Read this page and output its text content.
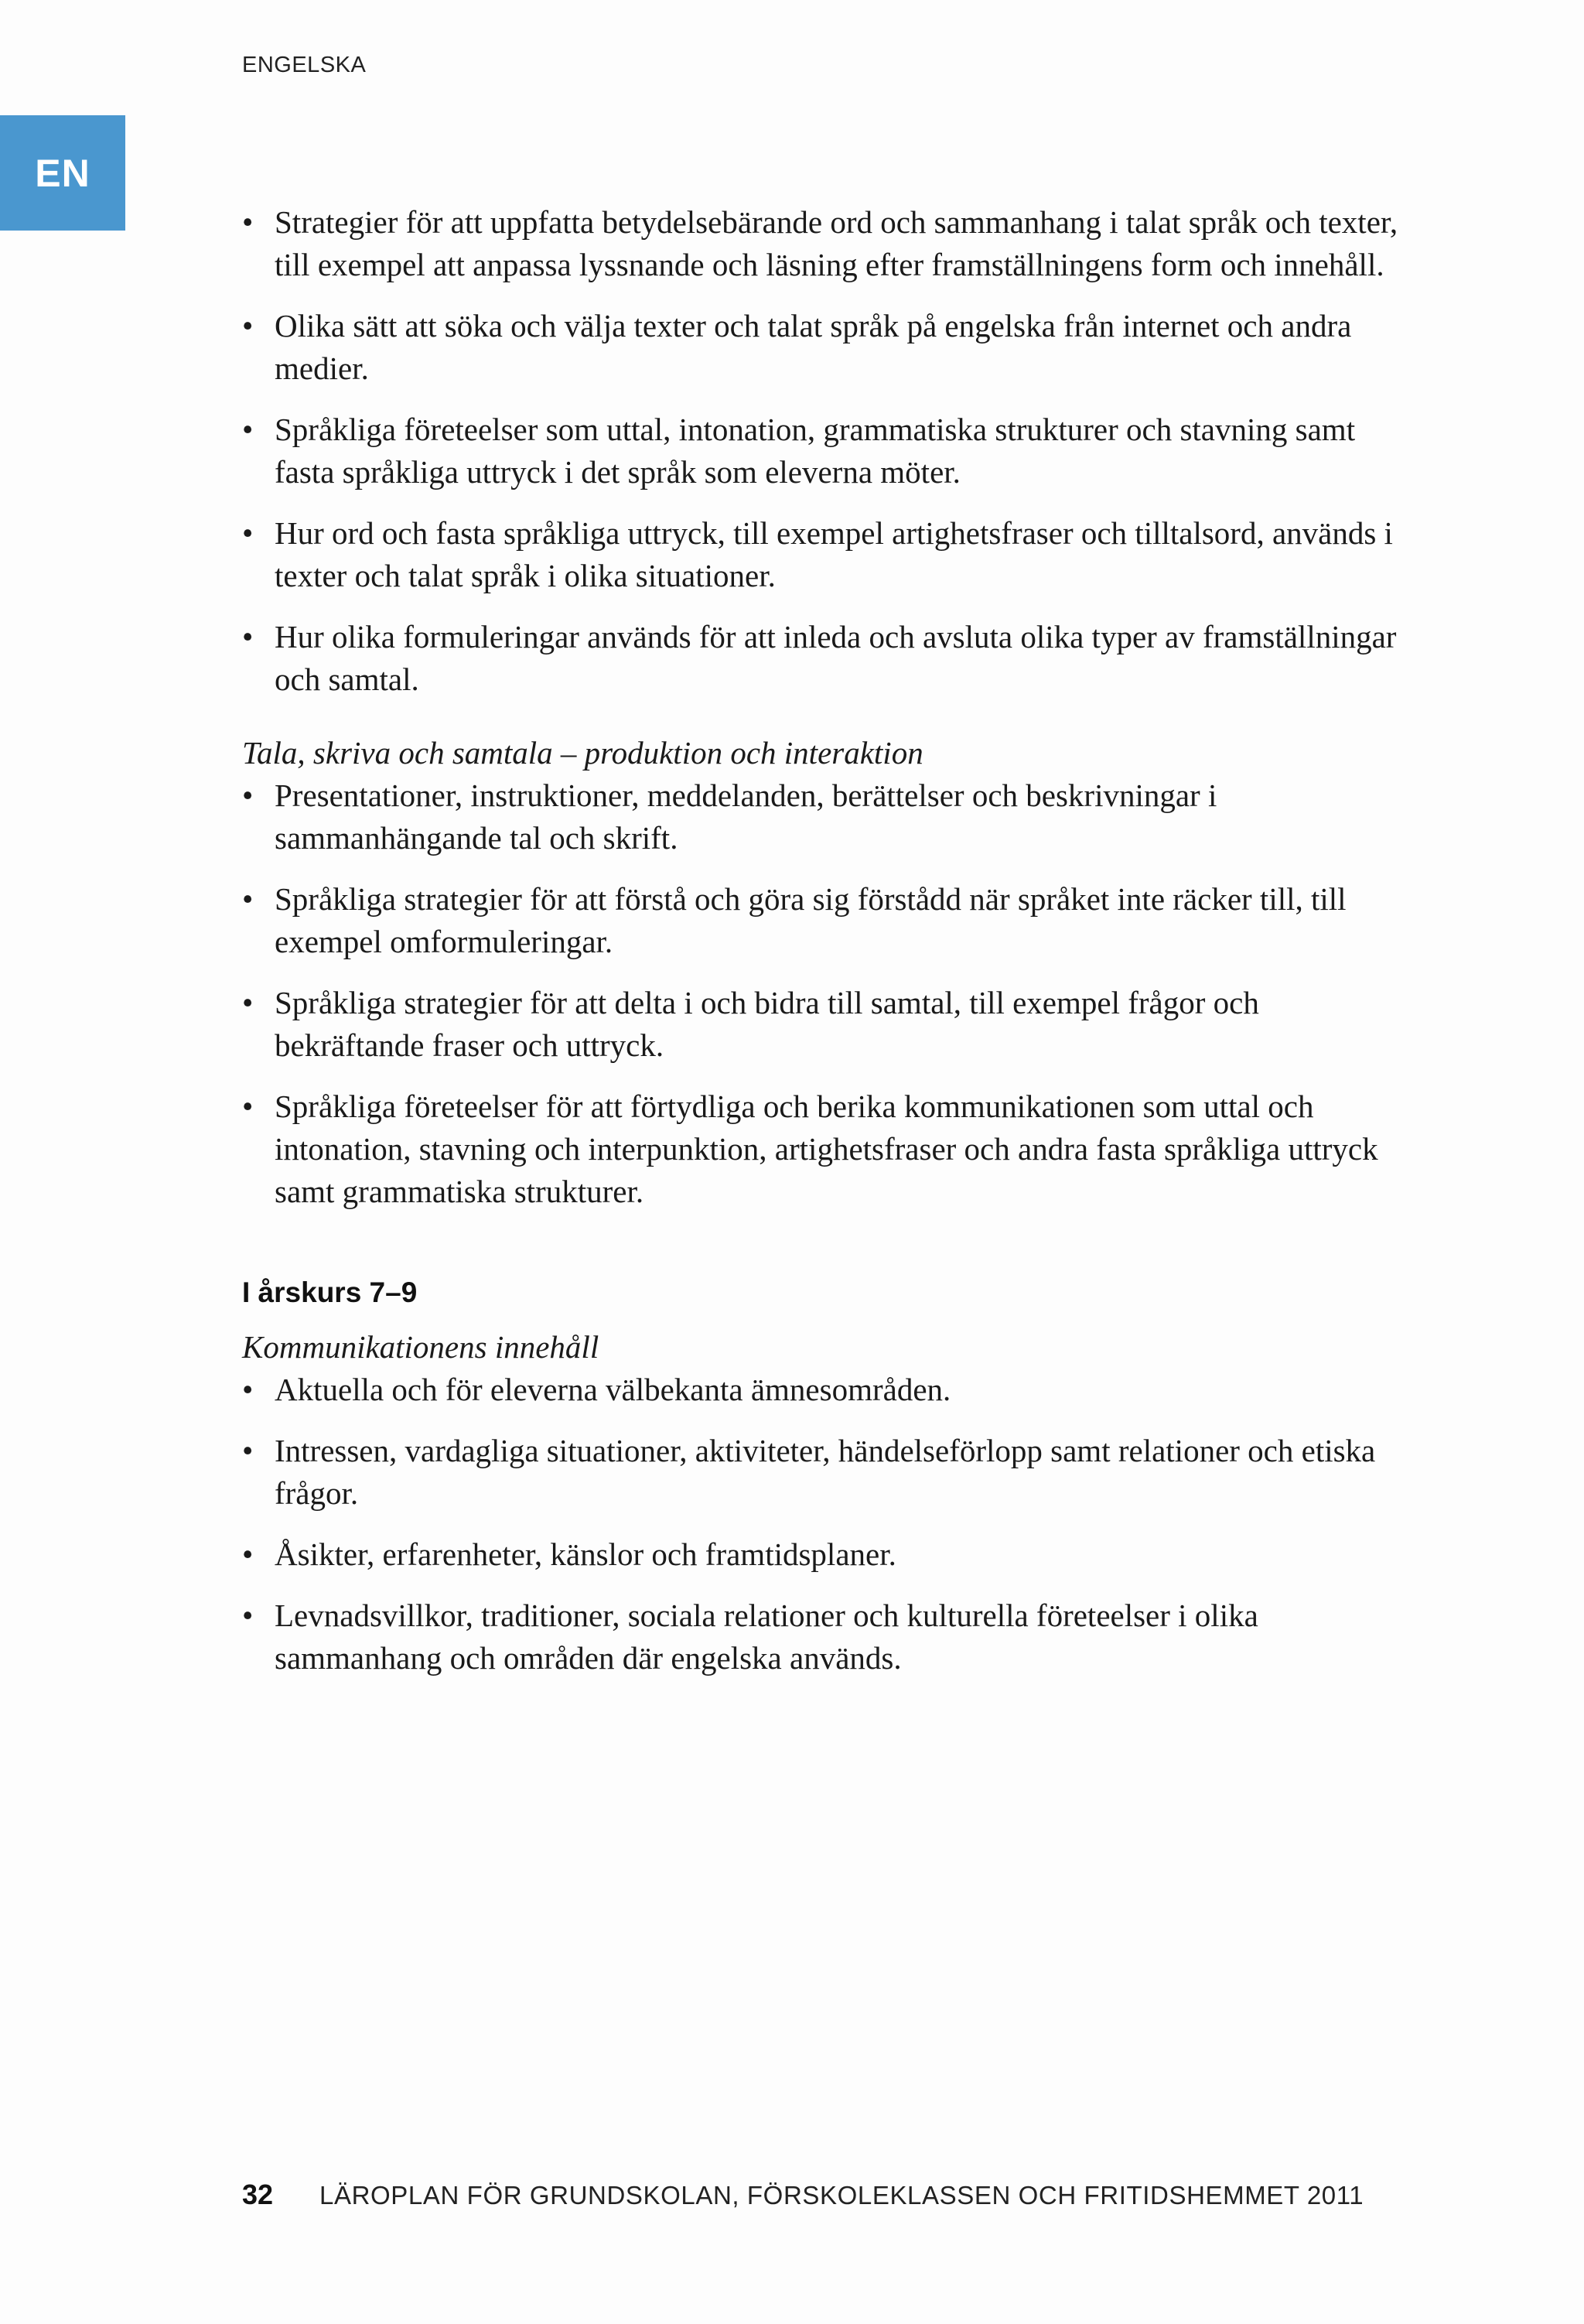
ENGELSKA
EN
• Strategier för att uppfatta betydelsebärande ord och sammanhang i talat språk och texter, till exempel att anpassa lyssnande och läsning efter framställningens form och innehåll.
• Olika sätt att söka och välja texter och talat språk på engelska från internet och andra medier.
• Språkliga företeelser som uttal, intonation, grammatiska strukturer och stavning samt fasta språkliga uttryck i det språk som eleverna möter.
• Hur ord och fasta språkliga uttryck, till exempel artighetsfraser och tilltalsord, används i texter och talat språk i olika situationer.
• Hur olika formuleringar används för att inleda och avsluta olika typer av framställningar och samtal.

Tala, skriva och samtala – produktion och interaktion

• Presentationer, instruktioner, meddelanden, berättelser och beskrivningar i sammanhängande tal och skrift.
• Språkliga strategier för att förstå och göra sig förstådd när språket inte räcker till, till exempel omformuleringar.
• Språkliga strategier för att delta i och bidra till samtal, till exempel frågor och bekräftande fraser och uttryck.
• Språkliga företeelser för att förtydliga och berika kommunikationen som uttal och intonation, stavning och interpunktion, artighetsfraser och andra fasta språkliga uttryck samt grammatiska strukturer.

I årskurs 7–9

Kommunikationens innehåll

• Aktuella och för eleverna välbekanta ämnesområden.
• Intressen, vardagliga situationer, aktiviteter, händelseförlopp samt relationer och etiska frågor.
• Åsikter, erfarenheter, känslor och framtidsplaner.
• Levnadsvillkor, traditioner, sociala relationer och kulturella företeelser i olika sammanhang och områden där engelska används.
32 LÄROPLAN FÖR GRUNDSKOLAN, FÖRSKOLEKLASSEN OCH FRITIDSHEMMET 2011
